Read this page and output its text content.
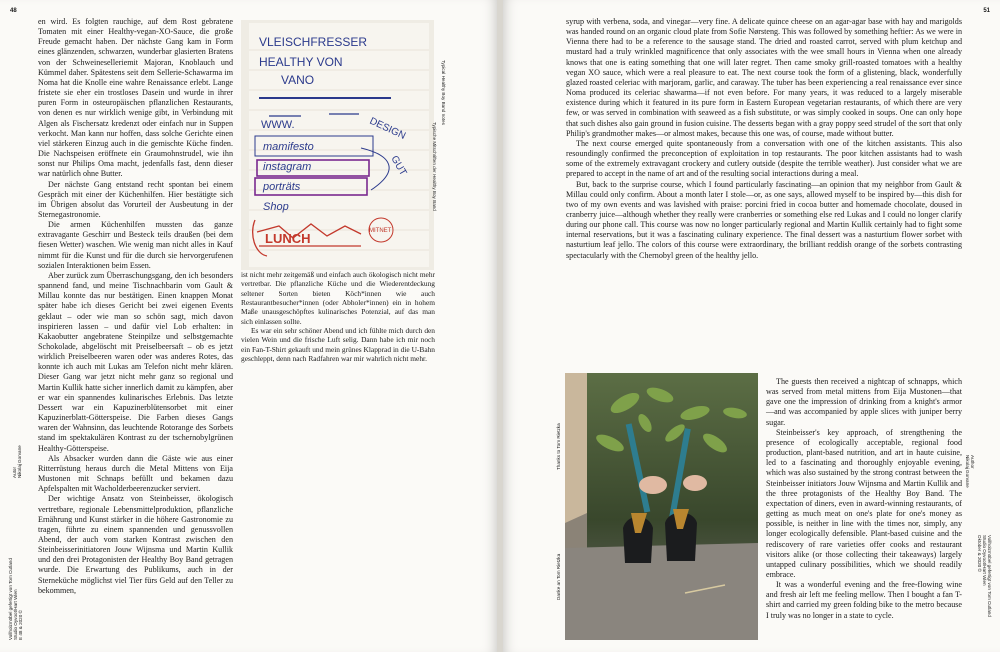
48

en wird. Es folgten rauchige, auf dem Rost gebratene Tomaten mit einer Healthy-vegan-XO-Sauce, die große Freude gemacht haben. Der nächste Gang kam in Form eines glänzenden, schwarzen, wunderbar glasierten Bratens von der Schweineselleriemit Majoran, Knoblauch und Kümmel daher. Spätestens seit dem Sellerie-Schawarma im Noma hat die Knolle eine wahre Renaissance erlebt. Lange fristete sie eher ein trostloses Dasein und wurde in ihrer puren Form in osteuropäischen pflanzlichen Restaurants, von denen es nur wirklich wenige gibt, in Verbindung mit Algen als Fischersatz kredenzt oder einfach nur in Suppen verkocht. Man kann nur hoffen, dass solche Gerichte einen viel stärkeren Einzug auch in die gemischte Küche finden. Die Nachspeisen eröffnete ein Graumohnstrudel, wie ihn sonst nur Philips Oma macht, jedenfalls fast, denn dieser war natürlich ohne Butter.

Der nächste Gang entstand recht spontan bei einem Gespräch mit einer der Küchenhilfen. Hier bestätigte sich im Übrigen absolut das Vorurteil der Ausbeutung in der Sternegastronomie.

Die armen Küchenhilfen mussten das ganze extravagante Geschirr und Besteck teils draußen (bei dem fiesen Wetter) waschen. Wie wenig man nicht alles in Kauf nimmt für die Kunst und für die durch sie hervorgerufenen sozialen Interaktionen beim Essen.

Aber zurück zum Überraschungsgang, den ich besonders spannend fand, und meine Tischnachbarin vom Gault & Millau konnte das nur bestätigen. Einen knappen Monat später habe ich dieses Gericht bei zwei eigenen Events geklaut – oder wie man so schön sagt, mich davon inspirieren lassen – und dafür viel Lob erhalten: in Kakaobutter angebratene Steinpilze und selbstgemachte Schokolade, abgelöscht mit Preiselbeersaft – ob es jetzt wirklich Preiselbeeren waren oder was anderes Rotes, das konnte ich auch mit Lukas am Telefon nicht mehr klären. Dieser Gang war jetzt nicht mehr ganz so regional und Martin Kullik hatte sicher innerlich damit zu kämpfen, aber er war ein spannendes kulinarisches Erlebnis. Das letzte Dessert war ein Kapuzinerblütensorbet mit einer Kapuzinerblatt-Götterspeise. Die Farben dieses Gangs waren der Wahnsinn, das leuchtende Rotorange des Sorbets stand im spektakulären Kontrast zu der tschernobylgrünen Healthy-Götterspeise.

Als Absacker wurden dann die Gäste wie aus einer Ritterrüstung heraus durch die Metal Mittens von Eija Mustonen mit Schnaps befüllt und bekamen dazu Apfelspalten mit Wacholderbeerenzucker serviert.

Der wichtige Ansatz von Steinbeisser, ökologisch vertretbare, regionale Lebensmittelproduktion, pflanzliche Ernährung und Kunst stärker in die höhere Gastronomie zu tragen, führte zu einem spannenden und genussvollen Abend, der auch vom starken Kontrast zwischen den Steinbeisserinitiatoren Jouw Wijnsma und Martin Kullik und den drei Protagonisten der Healthy Boy Band getragen wurde. Die Erwartung des Publikums, auch in der Sterneküche möglichst viel Tier fürs Geld auf den Teller zu bekommen,

VLEISCHFRESSER
HEALTHY VON
VANO
WWW.	DESIGN
GUT
mamifesto
instagram
porträts
Shop
LUNCH	MITNET

ist nicht mehr zeitgemäß und einfach auch ökologisch nicht mehr vertretbar. Die pflanzliche Küche und die Wiederentdeckung seltener Sorten bieten Köch*innen wie auch Restaurantbesucher*innen (oder Abholer*innen) ein in hohem Maße unausgeschöpftes kulinarisches Potenzial, auf das man sich einlassen sollte.

Es war ein sehr schöner Abend und ich fühlte mich durch den vielen Wein und die frische Luft selig. Dann habe ich mir noch ein Fan-T-Shirt gekauft und mein grünes Klapprad in die U-Bahn geschleppt, denn nach Radfahren war mir wahrlich nicht mehr.

Typical Healthy Boy Band notes
Typische Mitschriften der Healthy Boy Band
Autor
Nikolaj Gorvane
Vollholzmöbel gefertigt von Tom Cutland
Studio Oyvoot/Hart Wien
E 48 & 2020 ©
51

syrup with verbena, soda, and vinegar—very fine. A delicate quince cheese on an agar-agar base with hay and marigolds was handed round on an organic cloud plate from Sofie Nørsteng. This was followed by something heftier: As we were in Vienna there had to be a reference to the sausage stand. The dried and roasted carrot, served with plum ketchup and mustard had a truly wrinkled magnificence that only associates with the wee small hours in Vienna when one already knows that one is eating something that one will later regret. Then came smoky grill-roasted tomatoes with a healthy vegan XO sauce, which were a real pleasure to eat. The next course took the form of a glistening, black, wonderfully glazed roasted celeriac with marjoram, garlic, and caraway. The tuber has been experiencing a real renaissance ever since Noma produced its celeriac shawarma—if not even before. For many years, it was reduced to a largely miserable existence during which it featured in its pure form in Eastern European vegetarian restaurants, of which there are very few, or was served in combination with seaweed as a fish substitute, or was simply cooked in soups. One can only hope that such dishes also gain ground in fusion cuisine. The desserts began with a gray poppy seed strudel of the sort that only Philip's grandmother makes—or almost makes, because this one was, of course, made without butter.

The next course emerged quite spontaneously from a conversation with one of the kitchen assistants. This also resoundingly confirmed the preconception of exploitation in top restaurants. The poor kitchen assistants had to wash some of the extremely extravagant crockery and cutlery outside (despite the terrible weather). Just consider what we are prepared to accept in the name of art and of the resulting social interactions during a meal.

But, back to the surprise course, which I found particularly fascinating—an opinion that my neighbor from Gault & Millau could only confirm. About a month later I stole—or, as one says, allowed myself to be inspired by—this dish for two of my own events and was lavished with praise: porcini fried in cocoa butter and homemade chocolate, doused in cranberry juice—although whether they really were cranberries or something else red Lukas and I could no longer clarify during our phone call. This course was now no longer particularly regional and Martin Kullik certainly had to fight some internal reservations, but it was a fascinating culinary experience. The final dessert was a nasturtium flower sorbet with nasturtium leaf jello. The colors of this course were extraordinary, the brilliant reddish orange of the sorbets contrasting spectacularly with the Chernobyl green of the healthy jello.

The guests then received a nightcap of schnapps, which was served from metal mittens from Eija Mustonen—that gave one the impression of drinking from a knight's armor—and was accompanied by apple slices with juniper berry sugar.

Steinbeisser's key approach, of strengthening the presence of ecologically acceptable, regional food production, plant-based nutrition, and art in haute cuisine, led to a fascinating and thoroughly enjoyable evening, which was also sustained by the strong contrast between the Steinbeisser initiators Jouw Wijnsma and Martin Kullik and the three protagonists of the Healthy Boy Band. The expectation of diners, even in award-winning restaurants, of getting as much meat on one's plate for one's money as possible, is neither in line with the times nor, simply, any longer ecologically defensible. Plant-based cuisine and the rediscovery of rare varieties offer cooks and restaurant visitors alike (or those collecting their takeaways) largely untapped culinary possibilities, which we should readily embrace.

It was a wonderful evening and the free-flowing wine and fresh air left me feeling mellow. Then I bought a fan T-shirt and carried my green folding bike to the metro because I truly was no longer in a state to cycle.

Thanks to Tom Rietzka
Danke an Tom Rietzka
Author
Nikolaj Gorvane
Vollholzmöbel gefertigt von Tom Cutland
Studio Oyvoot/Hart Wien
Oktober & 2020 ©
